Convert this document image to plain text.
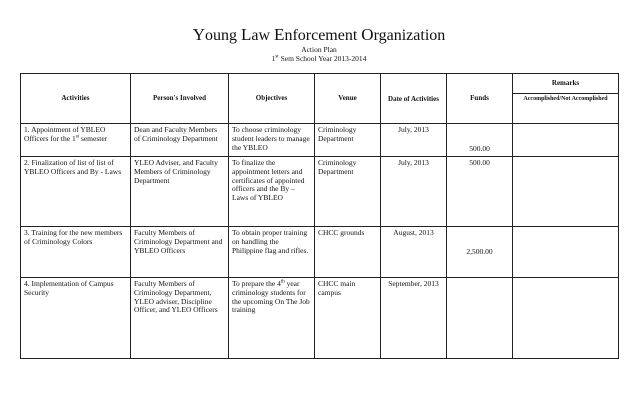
Young Law Enforcement Organization
Action Plan
1st Sem School Year 2013-2014
Activities	Person's Involved	Objectives	Venue	Date of Activities	Funds	Remarks	
						Accomplished/Not Accomplished	
1. Appointment of YBLEO Officers for the 1st semester	Dean and Faculty Members of Criminology Department	To choose criminology student leaders to manage the YBLEO	Criminology Department	July, 2013	500.00		
2. Finalization of list of list of YBLEO Officers and By - Laws	YLEO Adviser, and Faculty Members of Criminology Department	To finalize the appointment letters and certificates of appointed officers and the By – Laws of YBLEO	Criminology Department	July, 2013	500.00		
3. Training for the new members of Criminology Colors	Faculty Members of Criminology Department and YBLEO Officers	To obtain proper training on handling the Philippine flag and rifles.	CHCC grounds	August, 2013	2,500.00		
4. Implementation of Campus Security	Faculty Members of Criminology Department, YLEO adviser, Discipline Officer, and YLEO Officers	To prepare the 4th year criminology students for the upcoming On The Job training	CHCC main campus	September, 2013			
